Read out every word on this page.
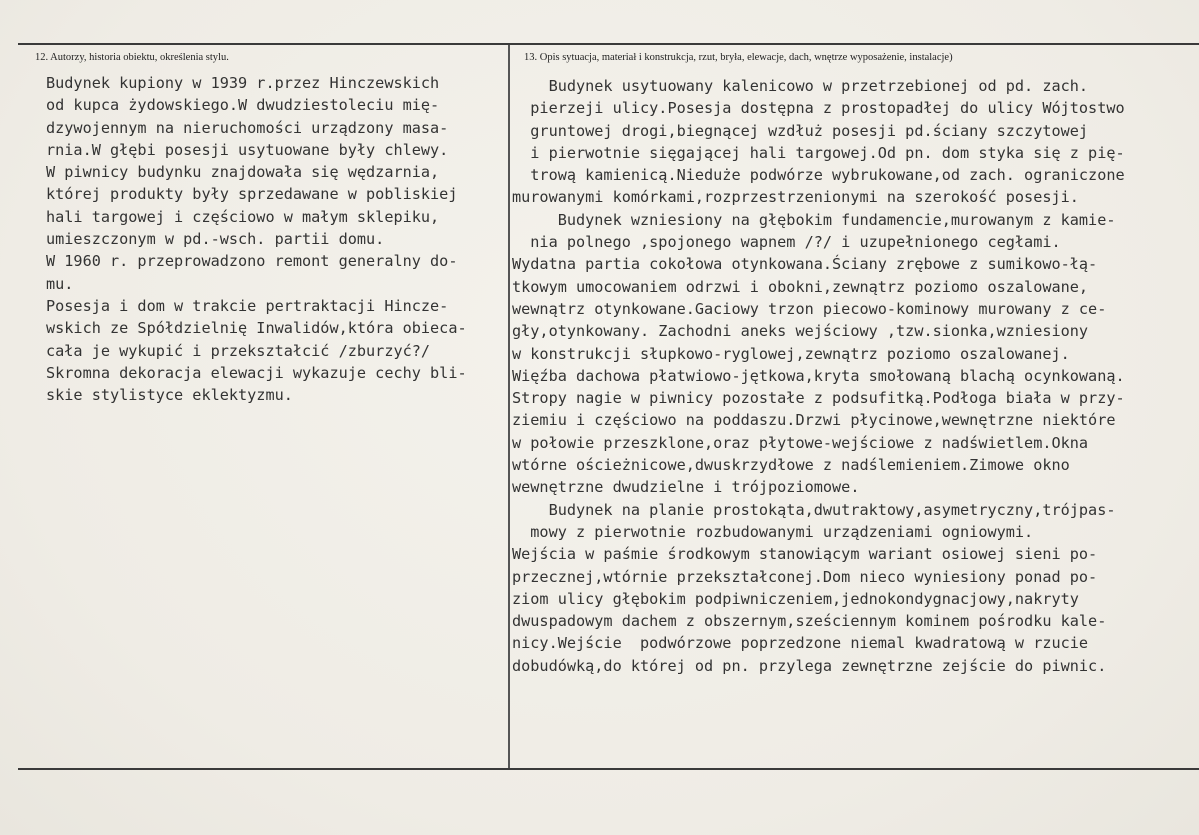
12. Autorzy, historia obiektu, określenia stylu.	13. Opis sytuacja, materiał i konstrukcja, rzut, bryła, elewacje, dach, wnętrze wyposażenie, instalacje)
Budynek kupiony w 1939 r.przez Hinczewskich
od kupca żydowskiego.W dwudziestoleciu mię-
dzywojennym na nieruchomości urządzony masa-
rnia.W głębi posesji usytuowane były chlewy.
W piwnicy budynku znajdowała się wędzarnia,
której produkty były sprzedawane w pobliskiej
hali targowej i częściowo w małym sklepiku,
umieszczonym w pd.-wsch. partii domu.
W 1960 r. przeprowadzono remont generalny do-
mu.
Posesja i dom w trakcie pertraktacji Hincze-
wskich ze Spółdzielnię Inwalidów,która obieca-
cała je wykupić i przekształcić /zburzyć?/
Skromna dekoracja elewacji wykazuje cechy bli-
skie stylistyce eklektyzmu.
Budynek usytuowany kalenicowo w przetrzebionej od pd. zach.
pierzeji ulicy.Posesja dostępna z prostopadłej do ulicy Wójtostwo
gruntowej drogi,biegnącej wzdłuż posesji pd.ściany szczytowej
i pierwotnie sięgającej hali targowej.Od pn. dom styka się z pię-
trową kamienicą.Nieduże podwórze wybrukowane,od zach. ograniczone
murowanymi komórkami,rozprzestrzenionymi na szerokość posesji.
Budynek wzniesiony na głębokim fundamencie,murowanym z kamie-
nia polnego ,spojonego wapnem /?/ i uzupełnionego cegłami.
Wydatna partia cokołowa otynkowana.Ściany zrębowe z sumikowo-łą-
tkowym umocowaniem odrzwi i obokni,zewnątrz poziomo oszalowane,
wewnątrz otynkowane.Gaciowy trzon piecowo-kominowy murowany z ce-
gły,otynkowany. Zachodni aneks wejściowy ,tzw.sionka,wzniesiony
w konstrukcji słupkowo-ryglowej,zewnątrz poziomo oszalowanej.
Więźba dachowa płatwiowo-jętkowa,kryta smołowaną blachą ocynkowaną.
Stropy nagie w piwnicy pozostałe z podsufitką.Podłoga biała w przy-
ziemiu i częściowo na poddaszu.Drzwi płycinowe,wewnętrzne niektóre
w połowie przeszklone,oraz płytowe-wejściowe z nadświetlem.Okna
wtórne ościeżnicowe,dwuskrzydłowe z nadślemieniem.Zimowe okno
wewnętrzne dwudzielne i trójpoziomowe.
Budynek na planie prostokąta,dwutraktowy,asymetryczny,trójpas-
mowy z pierwotnie rozbudowanymi urządzeniami ogniowymi.
Wejścia w paśmie środkowym stanowiącym wariant osiowej sieni po-
przecznej,wtórnie przekształconej.Dom nieco wyniesiony ponad po-
ziom ulicy głębokim podpiwniczeniem,jednokondygnacjowy,nakryty
dwuspadowym dachem z obszernym,sześciennym kominem pośrodku kale-
nicy.Wejście  podwórzowe poprzedzone niemal kwadratową w rzucie
dobudówką,do której od pn. przylega zewnętrzne zejście do piwnic.
